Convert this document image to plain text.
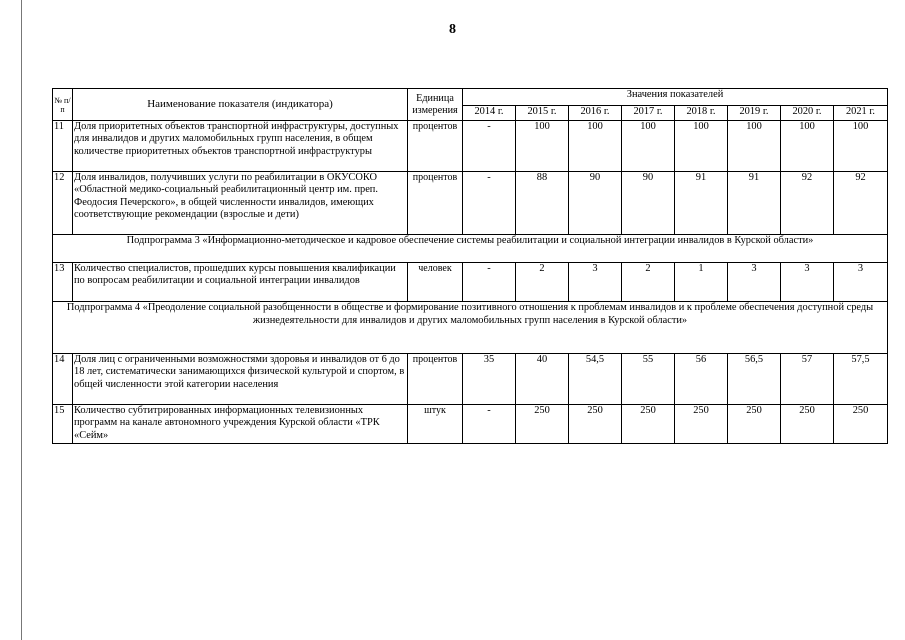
8
№ п/п	Наименование показателя (индикатора)	Единица измерения	Значения показателей							
			2014 г.	2015 г.	2016 г.	2017 г.	2018 г.	2019 г.	2020 г.	2021 г.
11	Доля приоритетных объектов транспортной инфраструктуры, доступных для инвалидов и других маломобильных групп населения, в общем количестве приоритетных объектов транспортной инфраструктуры	процентов	-	100	100	100	100	100	100	100
12	Доля инвалидов, получивших услуги по реабилитации в ОКУСОКО «Областной медико-социальный реабилитационный центр им. преп. Феодосия Печерского», в общей численности инвалидов, имеющих соответствующие рекомендации (взрослые и дети)	процентов	-	88	90	90	91	91	92	92
Подпрограмма 3 «Информационно-методическое и кадровое обеспечение системы реабилитации и социальной интеграции инвалидов в Курской области»										
13	Количество специалистов, прошедших курсы повышения квалификации по вопросам реабилитации и социальной интеграции инвалидов	человек	-	2	3	2	1	3	3	3
Подпрограмма 4 «Преодоление социальной разобщенности в обществе и формирование позитивного отношения к проблемам инвалидов и к проблеме обеспечения доступной среды жизнедеятельности для инвалидов и других маломобильных групп населения в Курской области»										
14	Доля лиц с ограниченными возможностями здоровья и инвалидов от 6 до 18 лет, систематически занимающихся физической культурой и спортом, в общей численности этой категории населения	процентов	35	40	54,5	55	56	56,5	57	57,5
15	Количество субтитрированных информационных телевизионных программ на канале автономного учреждения Курской области «ТРК «Сейм»	штук	-	250	250	250	250	250	250	250
